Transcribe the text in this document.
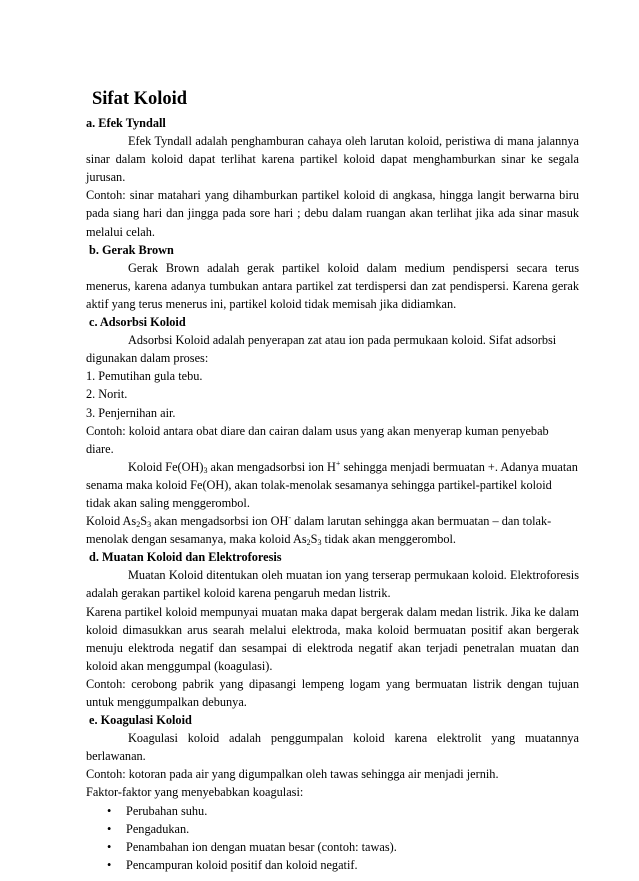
Sifat Koloid
a. Efek Tyndall

Efek Tyndall adalah penghamburan cahaya oleh larutan koloid, peristiwa di mana jalannya sinar dalam koloid dapat terlihat karena partikel koloid dapat menghamburkan sinar ke segala jurusan.

Contoh: sinar matahari yang dihamburkan partikel koloid di angkasa, hingga langit berwarna biru pada siang hari dan jingga pada sore hari ; debu dalam ruangan akan terlihat jika ada sinar masuk melalui celah.

b. Gerak Brown

Gerak Brown adalah gerak partikel koloid dalam medium pendispersi secara terus menerus, karena adanya tumbukan antara partikel zat terdispersi dan zat pendispersi. Karena gerak aktif yang terus menerus ini, partikel koloid tidak memisah jika didiamkan.

c. Adsorbsi Koloid

Adsorbsi Koloid adalah penyerapan zat atau ion pada permukaan koloid. Sifat adsorbsi digunakan dalam proses:

1. Pemutihan gula tebu.

2. Norit.

3. Penjernihan air.

Contoh: koloid antara obat diare dan cairan dalam usus yang akan menyerap kuman penyebab diare.

Koloid $Fe(OH)_3$ akan mengadsorbsi ion H+ sehingga menjadi bermuatan +. Adanya muatan senama maka koloid Fe(OH), akan tolak-menolak sesamanya sehingga partikel-partikel koloid tidak akan saling menggerombol.

Koloid $As_2S_3$ akan mengadsorbsi ion OH- dalam larutan sehingga akan bermuatan – dan tolak-menolak dengan sesamanya, maka koloid $As_2S_3$ tidak akan menggerombol.

d. Muatan Koloid dan Elektroforesis

Muatan Koloid ditentukan oleh muatan ion yang terserap permukaan koloid. Elektroforesis adalah gerakan partikel koloid karena pengaruh medan listrik.

Karena partikel koloid mempunyai muatan maka dapat bergerak dalam medan listrik. Jika ke dalam koloid dimasukkan arus searah melalui elektroda, maka koloid bermuatan positif akan bergerak menuju elektroda negatif dan sesampai di elektroda negatif akan terjadi penetralan muatan dan koloid akan menggumpal (koagulasi).

Contoh: cerobong pabrik yang dipasangi lempeng logam yang bermuatan listrik dengan tujuan untuk menggumpalkan debunya.

e. Koagulasi Koloid

Koagulasi koloid adalah penggumpalan koloid karena elektrolit yang muatannya berlawanan.

Contoh: kotoran pada air yang digumpalkan oleh tawas sehingga air menjadi jernih.

Faktor-faktor yang menyebabkan koagulasi:

• Perubahan suhu.
• Pengadukan.
• Penambahan ion dengan muatan besar (contoh: tawas).
• Pencampuran koloid positif dan koloid negatif.
